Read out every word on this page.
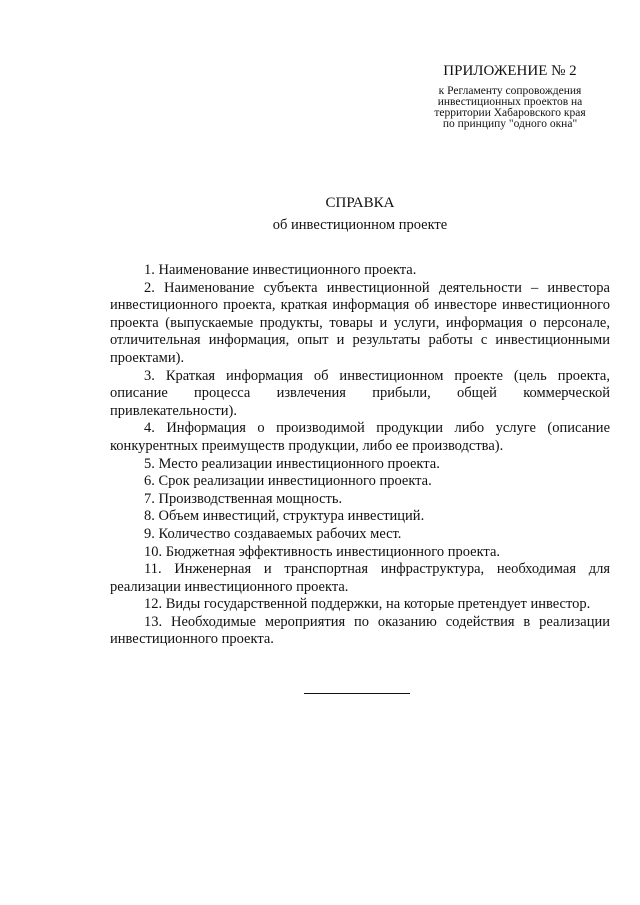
ПРИЛОЖЕНИЕ № 2
к Регламенту сопровождения
инвестиционных проектов на
территории Хабаровского края
по принципу "одного окна"
СПРАВКА
об инвестиционном проекте

1. Наименование инвестиционного проекта.

2. Наименование субъекта инвестиционной деятельности – инвестора инвестиционного проекта, краткая информация об инвесторе инвестиционного проекта (выпускаемые продукты, товары и услуги, информация о персонале, отличительная информация, опыт и результаты работы с инвестиционными проектами).

3. Краткая информация об инвестиционном проекте (цель проекта, описание процесса извлечения прибыли, общей коммерческой привлекательности).

4. Информация о производимой продукции либо услуге (описание конкурентных преимуществ продукции, либо ее производства).

5. Место реализации инвестиционного проекта.

6. Срок реализации инвестиционного проекта.

7. Производственная мощность.

8. Объем инвестиций, структура инвестиций.

9. Количество создаваемых рабочих мест.

10. Бюджетная эффективность инвестиционного проекта.

11. Инженерная и транспортная инфраструктура, необходимая для реализации инвестиционного проекта.

12. Виды государственной поддержки, на которые претендует инвестор.

13. Необходимые мероприятия по оказанию содействия в реализации инвестиционного проекта.
